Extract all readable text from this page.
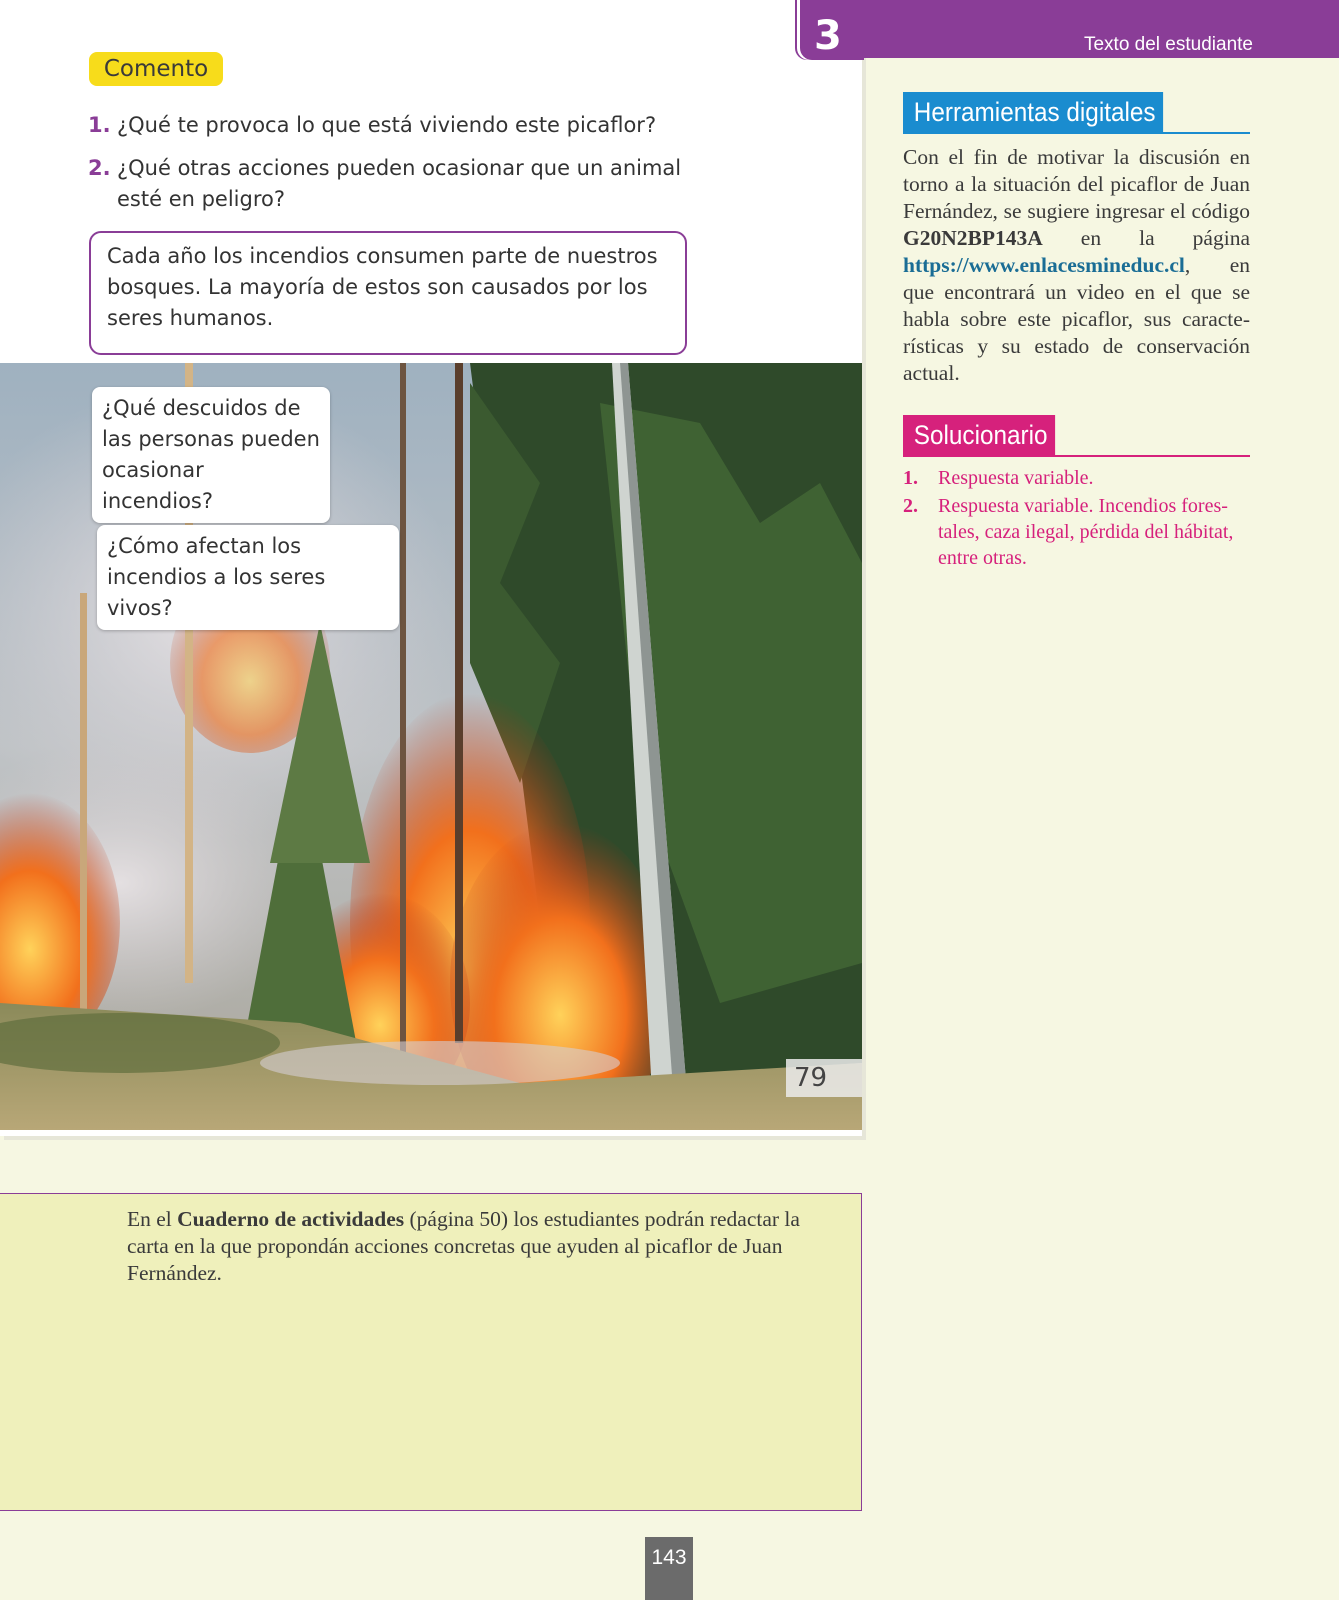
Texto del estudiante
3
Comento
1. ¿Qué te provoca lo que está viviendo este picaflor?
2. ¿Qué otras acciones pueden ocasionar que un animal esté en peligro?
Cada año los incendios consumen parte de nuestros bosques. La mayoría de estos son causados por los seres humanos.
¿Qué descuidos de las personas pueden ocasionar incendios?
¿Cómo afectan los incendios a los seres vivos?
79
Herramientas digitales
Con el fin de motivar la discusión en torno a la situación del picaflor de Juan Fernández, se sugiere ingresar el código G20N2BP143A en la página https://www.enlacesmineduc.cl, en que encontrará un video en el que se habla sobre este picaflor, sus características y su estado de conservación actual.
Solucionario
1. Respuesta variable.
2. Respuesta variable. Incendios forestales, caza ilegal, pérdida del hábitat, entre otras.
En el Cuaderno de actividades (página 50) los estudiantes podrán redactar la carta en la que propondán acciones concretas que ayuden al picaflor de Juan Fernández.
143
